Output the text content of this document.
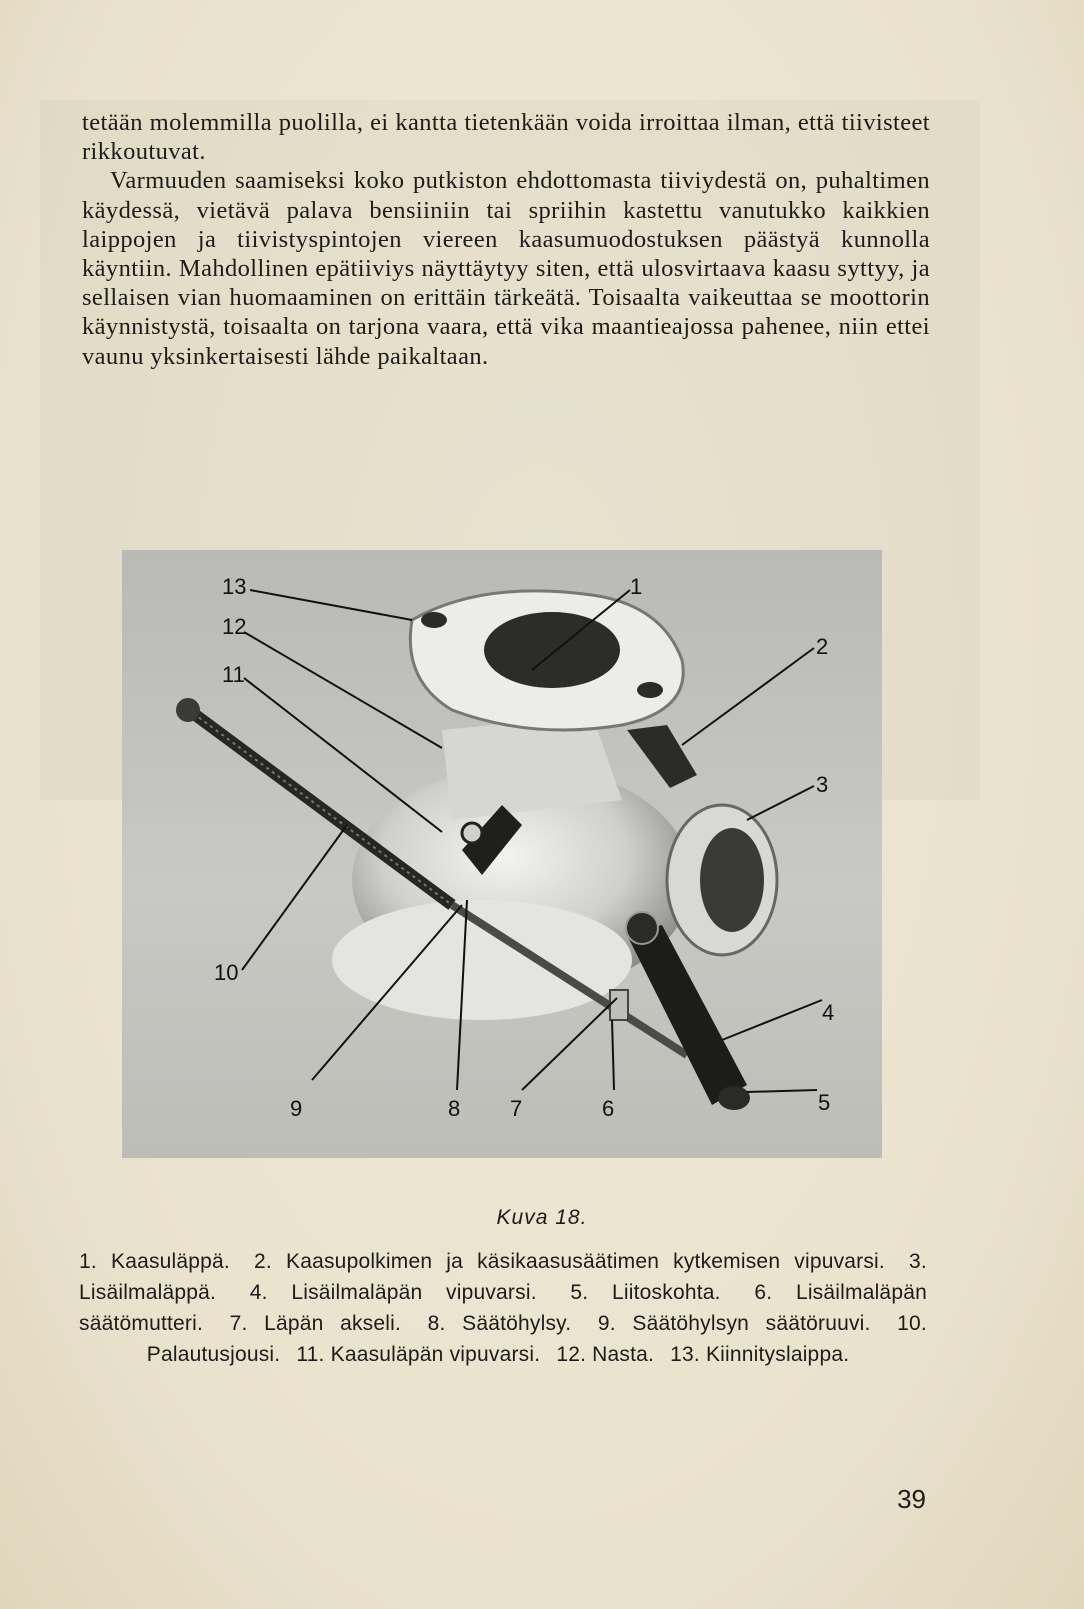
tetään molemmilla puolilla, ei kantta tietenkään voida irroittaa ilman, että tiivisteet rikkoutuvat.

Varmuuden saamiseksi koko putkiston ehdottomasta tiiviydestä on, puhaltimen käydessä, vietävä palava bensiiniin tai spriihin kastettu vanutukko kaikkien laippojen ja tiivistyspintojen viereen kaasumuodostuksen päästyä kunnolla käyntiin. Mahdollinen epätiiviys näyttäytyy siten, että ulosvirtaava kaasu syttyy, ja sellaisen vian huomaaminen on erittäin tärkeätä. Toisaalta vaikeuttaa se moottorin käynnistystä, toisaalta on tarjona vaara, että vika maantieajossa pahenee, niin ettei vaunu yksinkertaisesti lähde paikaltaan.

13
12
11
1
2
3
4
5
6
7
8
9
10
Kuva 18.
1. Kaasuläppä. 2. Kaasupolkimen ja käsikaasusäätimen kytkemisen vipuvarsi. 3. Lisäilmaläppä. 4. Lisäilmaläpän vipuvarsi. 5. Liitoskohta. 6. Lisäilmaläpän säätömutteri. 7. Läpän akseli. 8. Säätöhylsy. 9. Säätöhylsyn säätöruuvi. 10. Palautusjousi. 11. Kaasuläpän vipuvarsi. 12. Nasta. 13. Kiinnityslaippa.
39
